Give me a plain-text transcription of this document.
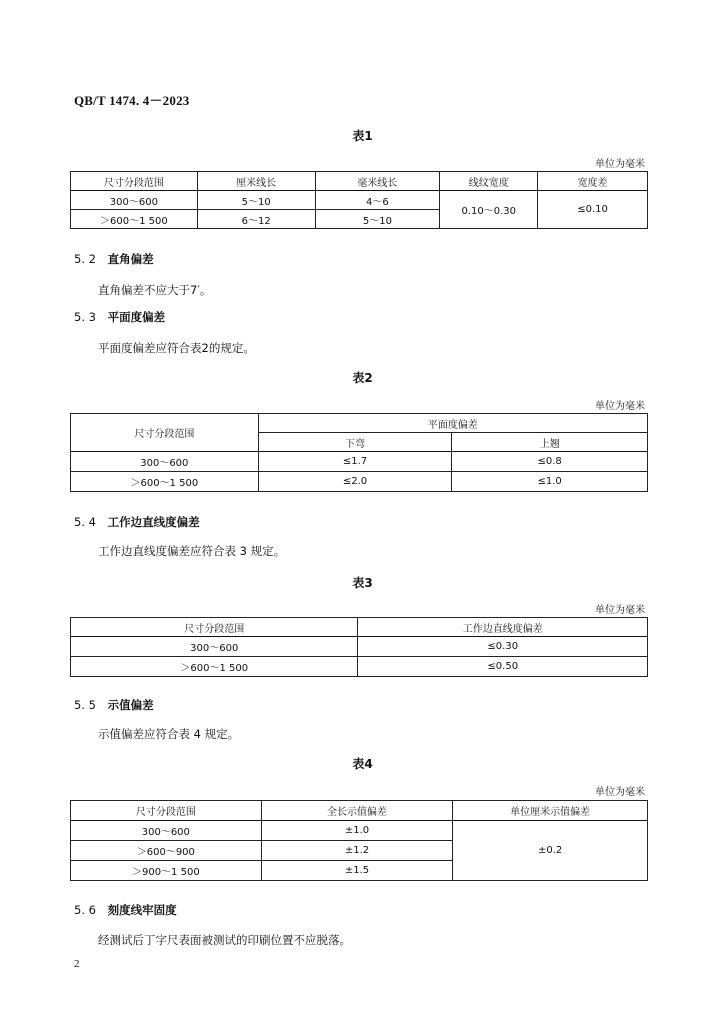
QB/T 1474. 4－2023
表1
单位为毫米
尺寸分段范围	厘米线长	毫米线长	线纹宽度	宽度差
300～600	5～10	4～6	0.10～0.30	≤0.10
＞600～1 500	6～12	5～10		
5. 2 直角偏差
直角偏差不应大于7′。
5. 3 平面度偏差
平面度偏差应符合表2的规定。
表2
单位为毫米
尺寸分段范围	平面度偏差	
	下弯	上翘
300～600	≤1.7	≤0.8
＞600～1 500	≤2.0	≤1.0
5. 4 工作边直线度偏差
工作边直线度偏差应符合表 3 规定。
表3
单位为毫米
尺寸分段范围	工作边直线度偏差
300～600	≤0.30
＞600～1 500	≤0.50
5. 5 示值偏差
示值偏差应符合表 4 规定。
表4
单位为毫米
尺寸分段范围	全长示值偏差	单位厘米示值偏差
300～600	±1.0	±0.2
＞600～900	±1.2	
＞900～1 500	±1.5	
5. 6 刻度线牢固度
经测试后丁字尺表面被测试的印刷位置不应脱落。
2
